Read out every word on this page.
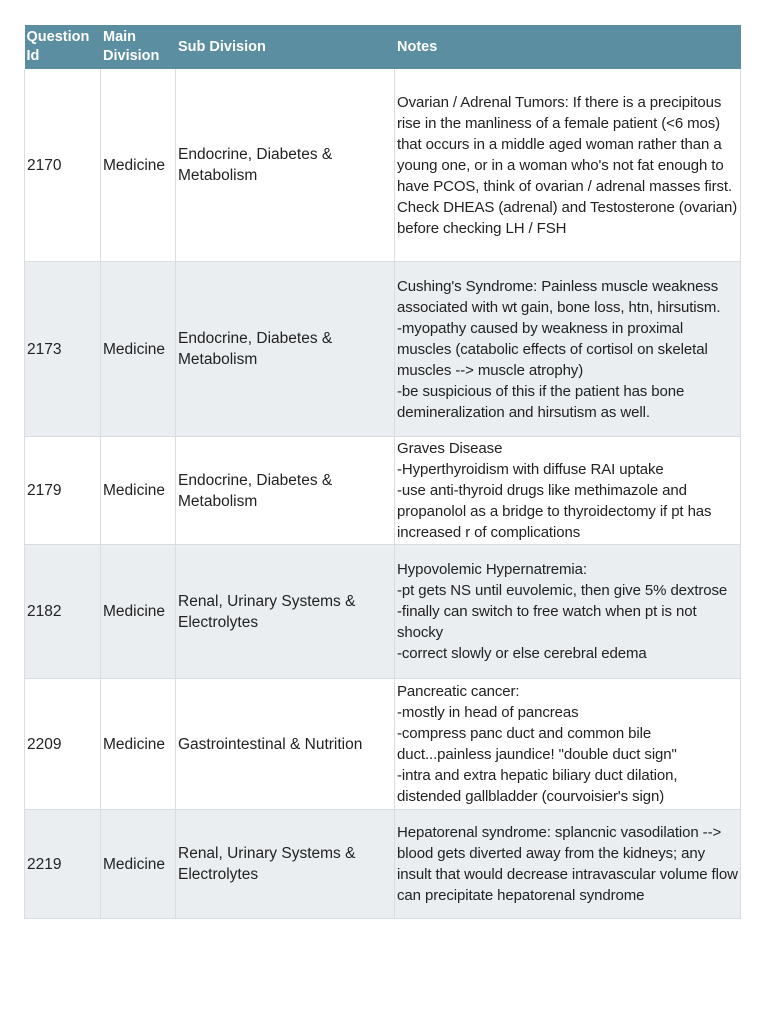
Question Id	Main Division	Sub Division	Notes
2170	Medicine	Endocrine, Diabetes & Metabolism	Ovarian / Adrenal Tumors: If there is a precipitous rise in the manliness of a female patient (<6 mos) that occurs in a middle aged woman rather than a young one, or in a woman who's not fat enough to have PCOS, think of ovarian / adrenal masses first. Check DHEAS (adrenal) and Testosterone (ovarian) before checking LH / FSH
2173	Medicine	Endocrine, Diabetes & Metabolism	Cushing's Syndrome: Painless muscle weakness associated with wt gain, bone loss, htn, hirsutism.
-myopathy caused by weakness in proximal muscles (catabolic effects of cortisol on skeletal muscles --> muscle atrophy)
-be suspicious of this if the patient has bone demineralization and hirsutism as well.
2179	Medicine	Endocrine, Diabetes & Metabolism	Graves Disease
-Hyperthyroidism with diffuse RAI uptake
-use anti-thyroid drugs like methimazole and propanolol as a bridge to thyroidectomy if pt has increased r of complications
2182	Medicine	Renal, Urinary Systems & Electrolytes	Hypovolemic Hypernatremia:
-pt gets NS until euvolemic, then give 5% dextrose
-finally can switch to free watch when pt is not shocky
-correct slowly or else cerebral edema
2209	Medicine	Gastrointestinal & Nutrition	Pancreatic cancer:
-mostly in head of pancreas
-compress panc duct and common bile duct...painless jaundice! "double duct sign"
-intra and extra hepatic biliary duct dilation, distended gallbladder (courvoisier's sign)
2219	Medicine	Renal, Urinary Systems & Electrolytes	Hepatorenal syndrome: splancnic vasodilation --> blood gets diverted away from the kidneys; any insult that would decrease intravascular volume flow can precipitate hepatorenal syndrome
